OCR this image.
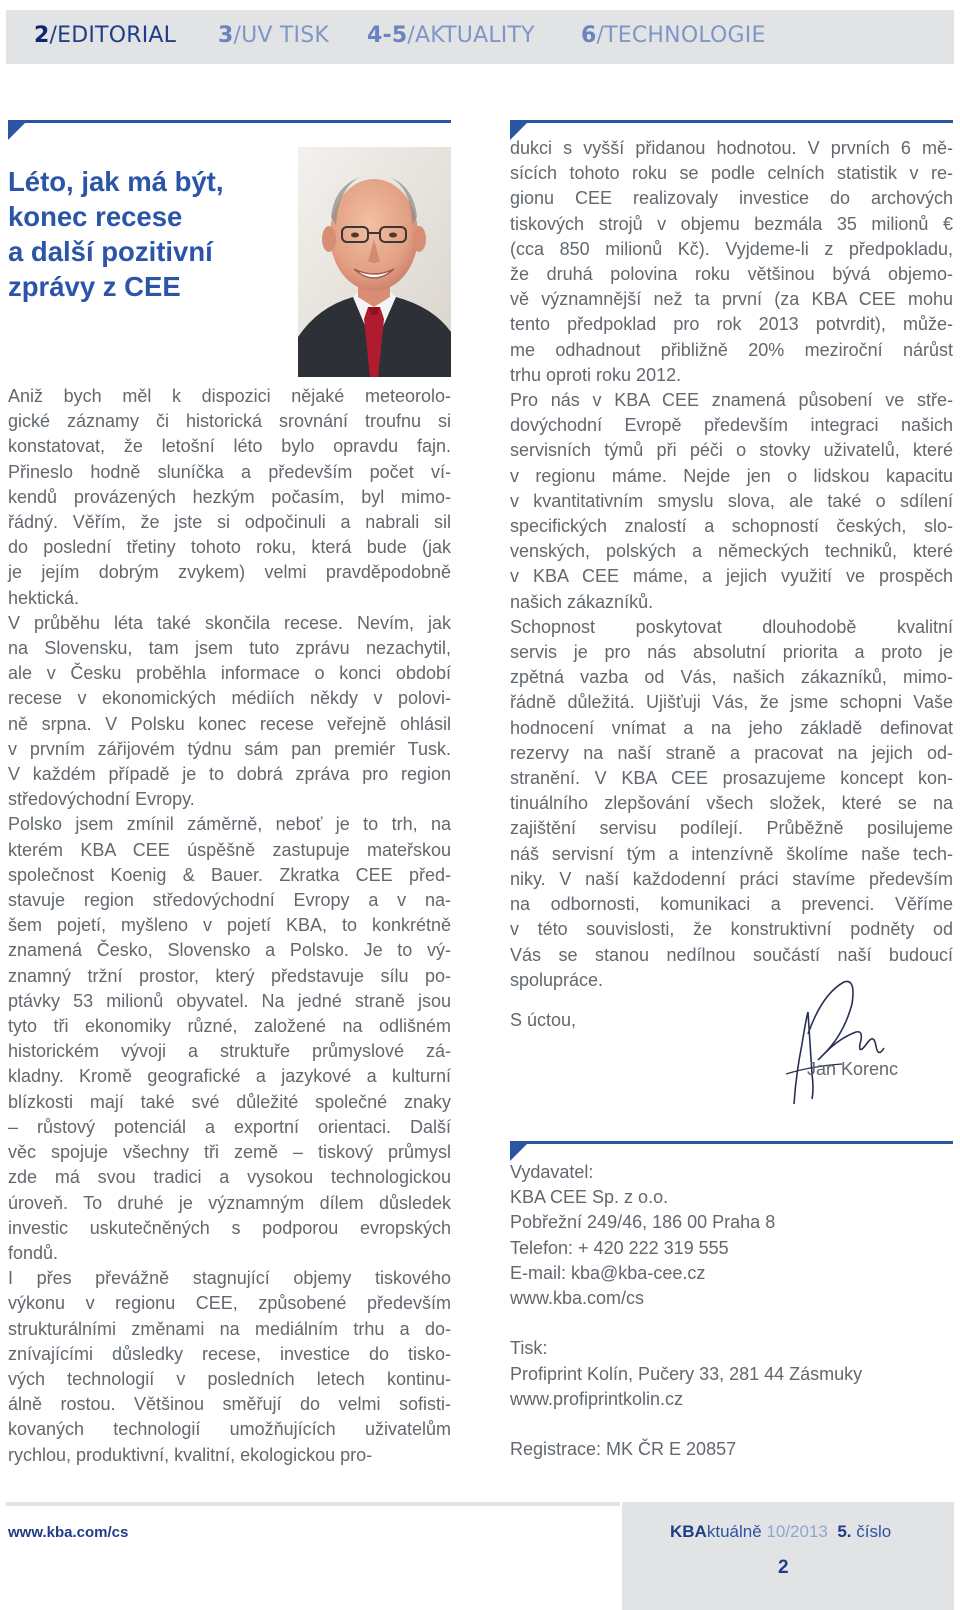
2/EDITORIAL 3/UV TISK 4-5/AKTUALITY 6/TECHNOLOGIE
Léto, jak má být,
konec recese
a další pozitivní
zprávy z CEE
Aniž bych měl k dispozici nějaké meteorolo-
gické záznamy či historická srovnání troufnu si
konstatovat, že letošní léto bylo opravdu fajn.
Přineslo hodně sluníčka a především počet ví-
kendů provázených hezkým počasím, byl mimo-
řádný. Věřím, že jste si odpočinuli a nabrali sil
do poslední třetiny tohoto roku, která bude (jak
je jejím dobrým zvykem) velmi pravděpodobně
hektická.
V průběhu léta také skončila recese. Nevím, jak
na Slovensku, tam jsem tuto zprávu nezachytil,
ale v Česku proběhla informace o konci období
recese v ekonomických médiích někdy v polovi-
ně srpna. V Polsku konec recese veřejně ohlásil
v prvním zářijovém týdnu sám pan premiér Tusk.
V každém případě je to dobrá zpráva pro region
středovýchodní Evropy.
Polsko jsem zmínil záměrně, neboť je to trh, na
kterém KBA CEE úspěšně zastupuje mateřskou
společnost Koenig & Bauer. Zkratka CEE před-
stavuje region středovýchodní Evropy a v na-
šem pojetí, myšleno v pojetí KBA, to konkrétně
znamená Česko, Slovensko a Polsko. Je to vý-
znamný tržní prostor, který představuje sílu po-
ptávky 53 milionů obyvatel. Na jedné straně jsou
tyto tři ekonomiky různé, založené na odlišném
historickém vývoji a struktuře průmyslové zá-
kladny. Kromě geografické a jazykové a kulturní
blízkosti mají také své důležité společné znaky
– růstový potenciál a exportní orientaci. Další
věc spojuje všechny tři země – tiskový průmysl
zde má svou tradici a vysokou technologickou
úroveň. To druhé je významným dílem důsledek
investic uskutečněných s podporou evropských
fondů.
I přes převážně stagnující objemy tiskového
výkonu v regionu CEE, způsobené především
strukturálními změnami na mediálním trhu a do-
znívajícími důsledky recese, investice do tisko-
vých technologií v posledních letech kontinu-
álně rostou. Většinou směřují do velmi sofisti-
kovaných technologií umožňujících uživatelům
rychlou, produktivní, kvalitní, ekologickou pro-
dukci s vyšší přidanou hodnotou. V prvních 6 mě-
sících tohoto roku se podle celních statistik v re-
gionu CEE realizovaly investice do archových
tiskových strojů v objemu bezmála 35 milionů €
(cca 850 milionů Kč). Vyjdeme-li z předpokladu,
že druhá polovina roku většinou bývá objemo-
vě významnější než ta první (za KBA CEE mohu
tento předpoklad pro rok 2013 potvrdit), může-
me odhadnout přibližně 20% meziroční nárůst
trhu oproti roku 2012.
Pro nás v KBA CEE znamená působení ve stře-
dovýchodní Evropě především integraci našich
servisních týmů při péči o stovky uživatelů, které
v regionu máme. Nejde jen o lidskou kapacitu
v kvantitativním smyslu slova, ale také o sdílení
specifických znalostí a schopností českých, slo-
venských, polských a německých techniků, které
v KBA CEE máme, a jejich využití ve prospěch
našich zákazníků.
Schopnost poskytovat dlouhodobě kvalitní
servis je pro nás absolutní priorita a proto je
zpětná vazba od Vás, našich zákazníků, mimo-
řádně důležitá. Ujišťuji Vás, že jsme schopni Vaše
hodnocení vnímat a na jeho základě definovat
rezervy na naší straně a pracovat na jejich od-
stranění. V KBA CEE prosazujeme koncept kon-
tinuálního zlepšování všech složek, které se na
zajištění servisu podílejí. Průběžně posilujeme
náš servisní tým a intenzívně školíme naše tech-
niky. V naší každodenní práci stavíme především
na odbornosti, komunikaci a prevenci. Věříme
v této souvislosti, že konstruktivní podněty od
Vás se stanou nedílnou součástí naší budoucí
spolupráce.
S úctou,
Jan Korenc
Vydavatel:
KBA CEE Sp. z o.o.
Pobřežní 249/46, 186 00 Praha 8
Telefon: + 420 222 319 555
E-mail: kba@kba-cee.cz
www.kba.com/cs
Tisk:
Profiprint Kolín, Pučery 33, 281 44 Zásmuky
www.profiprintkolin.cz
Registrace: MK ČR E 20857
www.kba.com/cs	KBAktuálně 10/2013 5. číslo
2
